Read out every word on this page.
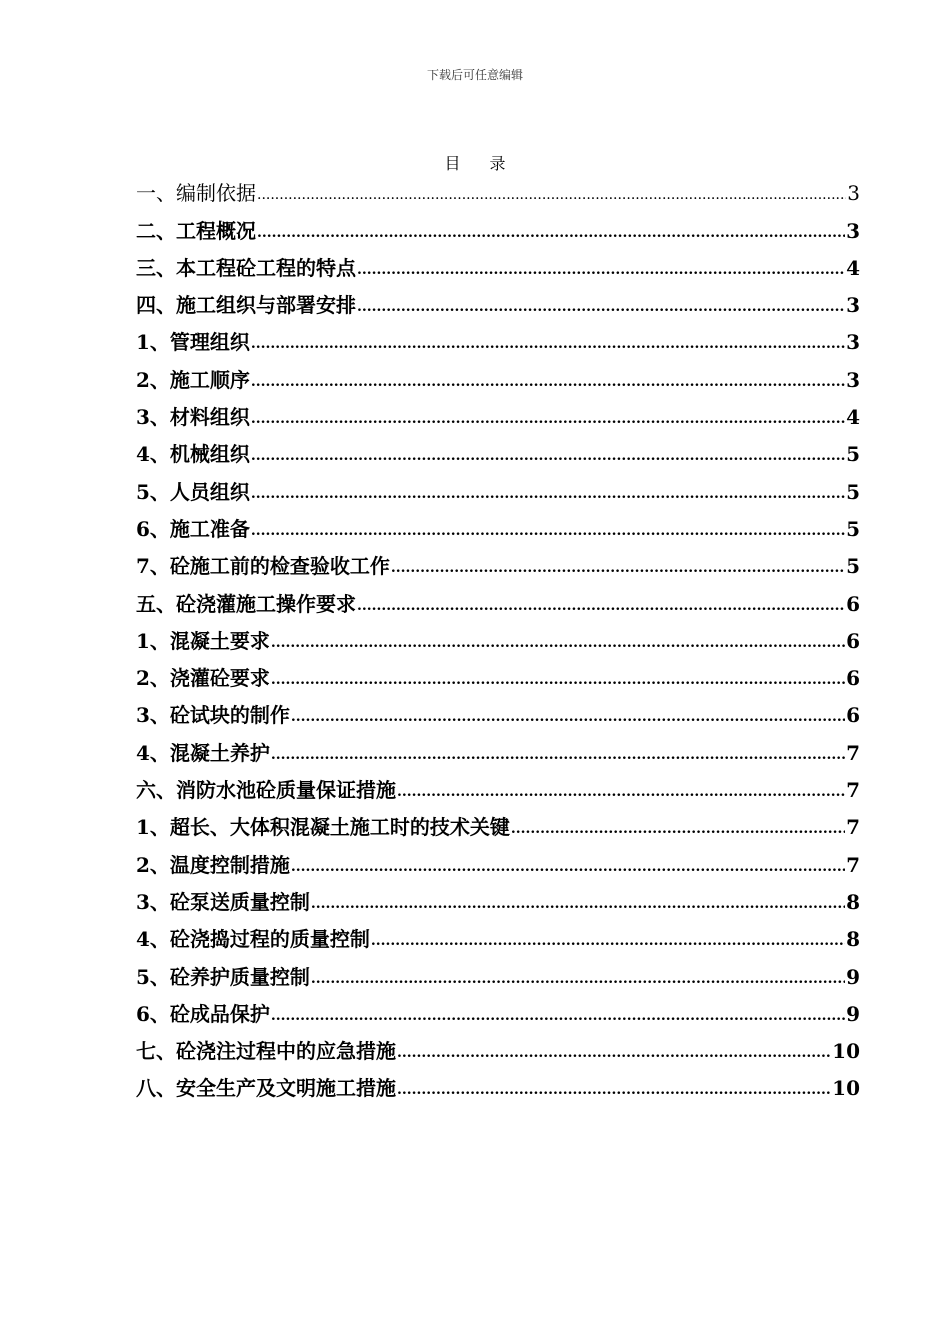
下载后可任意编辑
目 录
一、编制依据 .....	3
二、工程概况 .....	3
三、本工程砼工程的特点 .....	4
四、施工组织与部署安排 .....	3
1、管理组织 .....	3
2、施工顺序 .....	3
3、材料组织 .....	4
4、机械组织 .....	5
5、人员组织 .....	5
6、施工准备 .....	5
7、砼施工前的检查验收工作 .....	5
五、砼浇灌施工操作要求 .....	6
1、混凝土要求 .....	6
2、浇灌砼要求 .....	6
3、砼试块的制作 .....	6
4、混凝土养护 .....	7
六、消防水池砼质量保证措施 .....	7
1、超长、大体积混凝土施工时的技术关键 .....	7
2、温度控制措施 .....	7
3、砼泵送质量控制 .....	8
4、砼浇捣过程的质量控制 .....	8
5、砼养护质量控制 .....	9
6、砼成品保护 .....	9
七、砼浇注过程中的应急措施 .....	10
八、安全生产及文明施工措施 .....	10
